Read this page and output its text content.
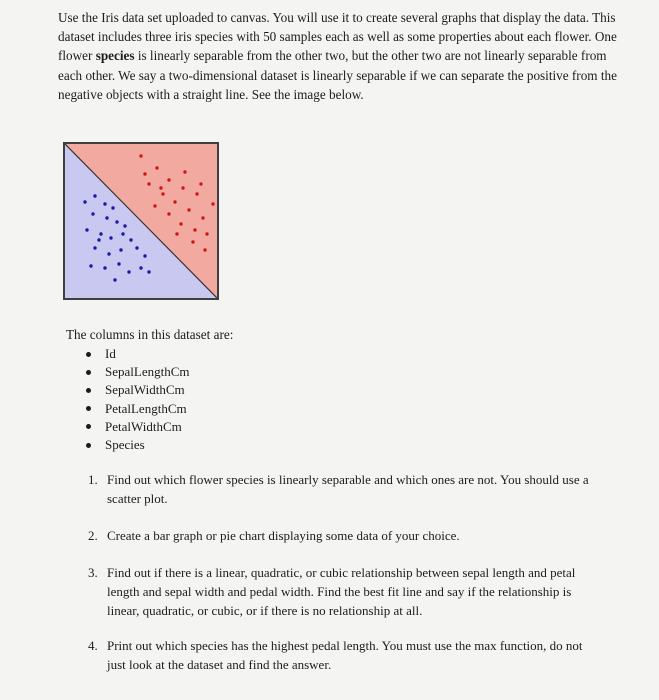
Use the Iris data set uploaded to canvas. You will use it to create several graphs that display the data. This dataset includes three iris species with 50 samples each as well as some properties about each flower. One flower species is linearly separable from the other two, but the other two are not linearly separable from each other. We say a two-dimensional dataset is linearly separable if we can separate the positive from the negative objects with a straight line. See the image below.

The columns in this dataset are:
Id
SepalLengthCm
SepalWidthCm
PetalLengthCm
PetalWidthCm
Species
1. Find out which flower species is linearly separable and which ones are not. You should use a scatter plot.
2. Create a bar graph or pie chart displaying some data of your choice.
3. Find out if there is a linear, quadratic, or cubic relationship between sepal length and petal length and sepal width and pedal width. Find the best fit line and say if the relationship is linear, quadratic, or cubic, or if there is no relationship at all.
4. Print out which species has the highest pedal length. You must use the max function, do not just look at the dataset and find the answer.
